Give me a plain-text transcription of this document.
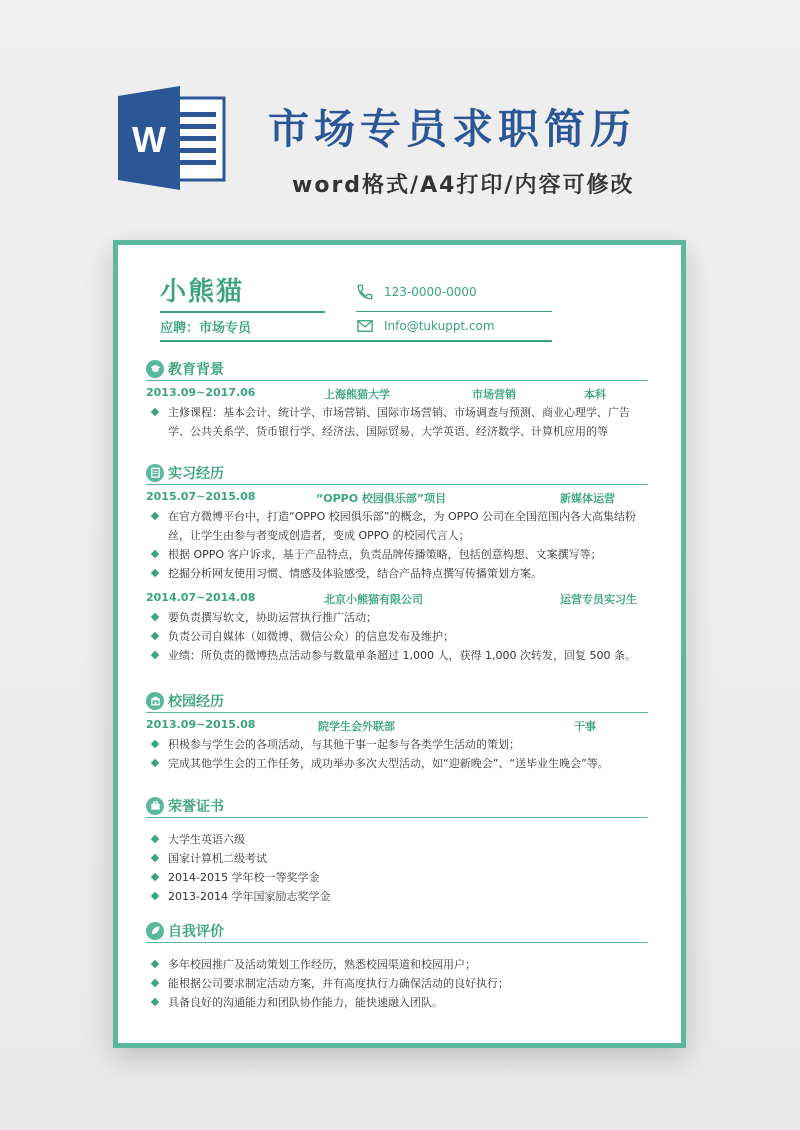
W 市场专员求职简历
word格式/A4打印/内容可修改
小熊猫
应聘：市场专员
123-0000-0000
Info@tukuppt.com
教育背景
2013.09~2017.06	上海熊猫大学	市场营销	本科
主修课程：基本会计、统计学、市场营销、国际市场营销、市场调查与预测、商业心理学、广告学、公共关系学、货币银行学、经济法、国际贸易、大学英语、经济数学、计算机应用的等
实习经历
2015.07~2015.08	“OPPO 校园俱乐部”项目	新媒体运营
在官方微博平台中，打造“OPPO 校园俱乐部”的概念，为 OPPO 公司在全国范围内各大高集结粉丝，让学生由参与者变成创造者，变成 OPPO 的校园代言人；
根据 OPPO 客户诉求，基于产品特点，负责品牌传播策略，包括创意构想、文案撰写等；
挖掘分析网友使用习惯、情感及体验感受，结合产品特点撰写传播策划方案。
2014.07~2014.08	北京小熊猫有限公司	运营专员实习生
要负责撰写软文，协助运营执行推广活动；
负责公司自媒体（如微博、微信公众）的信息发布及维护；
业绩：所负责的微博热点活动参与数量单条超过 1,000 人，获得 1,000 次转发，回复 500 条。
校园经历
2013.09~2015.08	院学生会外联部	干事
积极参与学生会的各项活动，与其他干事一起参与各类学生活动的策划；
完成其他学生会的工作任务，成功举办多次大型活动，如“迎新晚会”、“送毕业生晚会”等。
荣誉证书
大学生英语六级
国家计算机二级考试
2014-2015 学年校一等奖学金
2013-2014 学年国家励志奖学金
自我评价
多年校园推广及活动策划工作经历，熟悉校园渠道和校园用户；
能根据公司要求制定活动方案，并有高度执行力确保活动的良好执行；
具备良好的沟通能力和团队协作能力，能快速融入团队。
